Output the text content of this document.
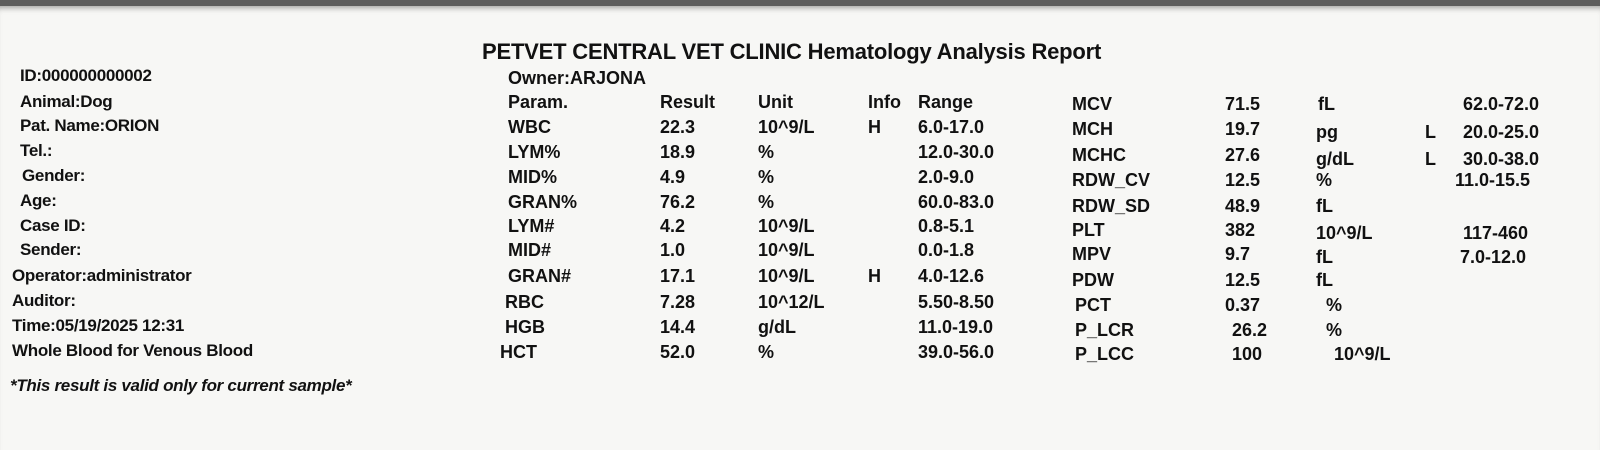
PETVET CENTRAL VET CLINIC Hematology Analysis Report
Owner:ARJONA
ID:000000000002
Animal:Dog
Pat. Name:ORION
Tel.:
Gender:
Age:
Case ID:
Sender:
Operator:administrator
Auditor:
Time:05/19/2025 12:31
Whole Blood for Venous Blood
Param.	Result Unit	Info Range
WBC	22.3	10^9/L	H 6.0-17.0
LYM%	18.9	%	12.0-30.0
MID%	4.9	%	2.0-9.0
GRAN%	76.2	%	60.0-83.0
LYM#	4.2	10^9/L	0.8-5.1
MID#	1.0	10^9/L	0.0-1.8
GRAN#	17.1	10^9/L	H 4.0-12.6
RBC	7.28	10^12/L	5.50-8.50
HGB	14.4	g/dL	11.0-19.0
HCT	52.0	%	39.0-56.0
MCV	71.5	fL	62.0-72.0
MCH	19.7	pg	L 20.0-25.0
MCHC	27.6	g/dL	L 30.0-38.0
RDW_CV	12.5	%	11.0-15.5
RDW_SD	48.9	fL
PLT	382	10^9/L	117-460
MPV	9.7	fL	7.0-12.0
PDW	12.5	fL
PCT	0.37	%
P_LCR	26.2	%
P_LCC	100	10^9/L
*This result is valid only for current sample*
